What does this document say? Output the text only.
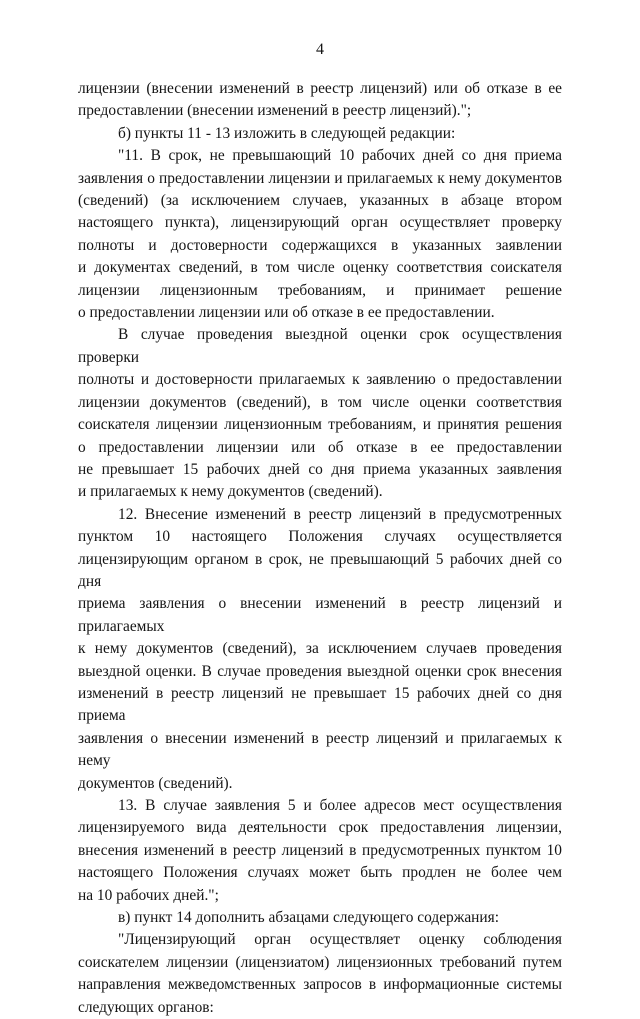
4

лицензии (внесении изменений в реестр лицензий) или об отказе в ее

предоставлении (внесении изменений в реестр лицензий).";

б) пункты 11 - 13 изложить в следующей редакции:

"11. В срок, не превышающий 10 рабочих дней со дня приема

заявления о предоставлении лицензии и прилагаемых к нему документов

(сведений) (за исключением случаев, указанных в абзаце втором

настоящего пункта), лицензирующий орган осуществляет проверку

полноты и достоверности содержащихся в указанных заявлении

и документах сведений, в том числе оценку соответствия соискателя

лицензии лицензионным требованиям, и принимает решение

о предоставлении лицензии или об отказе в ее предоставлении.

В случае проведения выездной оценки срок осуществления проверки

полноты и достоверности прилагаемых к заявлению о предоставлении

лицензии документов (сведений), в том числе оценки соответствия

соискателя лицензии лицензионным требованиям, и принятия решения

о предоставлении лицензии или об отказе в ее предоставлении

не превышает 15 рабочих дней со дня приема указанных заявления

и прилагаемых к нему документов (сведений).

12. Внесение изменений в реестр лицензий в предусмотренных

пунктом 10 настоящего Положения случаях осуществляется

лицензирующим органом в срок, не превышающий 5 рабочих дней со дня

приема заявления о внесении изменений в реестр лицензий и прилагаемых

к нему документов (сведений), за исключением случаев проведения

выездной оценки. В случае проведения выездной оценки срок внесения

изменений в реестр лицензий не превышает 15 рабочих дней со дня приема

заявления о внесении изменений в реестр лицензий и прилагаемых к нему

документов (сведений).

13. В случае заявления 5 и более адресов мест осуществления

лицензируемого вида деятельности срок предоставления лицензии,

внесения изменений в реестр лицензий в предусмотренных пунктом 10

настоящего Положения случаях может быть продлен не более чем

на 10 рабочих дней.";

в) пункт 14 дополнить абзацами следующего содержания:

"Лицензирующий орган осуществляет оценку соблюдения

соискателем лицензии (лицензиатом) лицензионных требований путем

направления межведомственных запросов в информационные системы

следующих органов:
